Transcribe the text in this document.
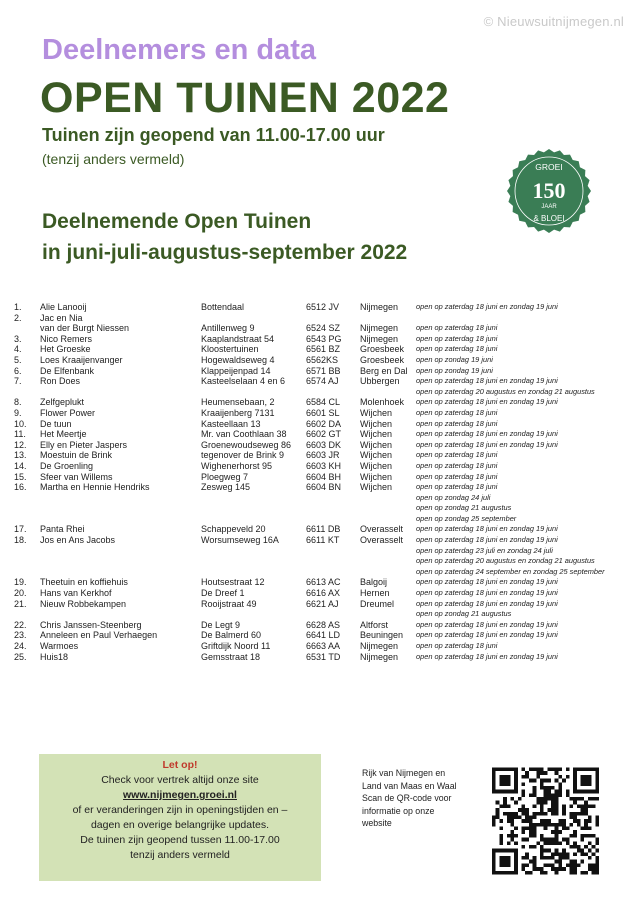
© Nieuwsuitnijmegen.nl
Deelnemers en data
OPEN TUINEN 2022
Tuinen zijn geopend van 11.00-17.00 uur
(tenzij anders vermeld)
Deelnemende Open Tuinen
in juni-juli-augustus-september 2022
GROEI
150
JAAR
& BLOEI
1. Alie Lanooij	Bottendaal	6512 JV Nijmegen open op zaterdag 18 juni en zondag 19 juni
2. Jac en Nia
van der Burgt Niessen	Antillenweg 9	6524 SZ Nijmegen open op zaterdag 18 juni
3. Nico Remers	Kaaplandstraat 54	6543 PG Nijmegen open op zaterdag 18 juni
4. Het Groeske	Kloostertuinen	6561 BZ Groesbeek open op zaterdag 18 juni
5. Loes Kraaijenvanger	Hogewaldseweg 4	6562KS Groesbeek open op zondag 19 juni
6. De Elfenbank	Klappeijenpad 14	6571 BB Berg en Dal open op zondag 19 juni
7. Ron Does	Kasteelselaan 4 en 6 6574 AJ Ubbergen open op zaterdag 18 juni en zondag 19 juni
open op zaterdag 20 augustus en zondag 21 augustus
8. Zelfgeplukt	Heumensebaan, 2	6584 CL Molenhoek open op zaterdag 18 juni en zondag 19 juni
9. Flower Power	Kraaijenberg 7131	6601 SL Wijchen	open op zaterdag 18 juni
10. De tuun	Kasteellaan 13	6602 DA Wijchen	open op zaterdag 18 juni
11. Het Meertje	Mr. van Coothlaan 38 6602 GT Wijchen	open op zaterdag 18 juni en zondag 19 juni
12. Elly en Pieter Jaspers	Groenewoudseweg 86 6603 DK Wijchen	open op zaterdag 18 juni en zondag 19 juni
13. Moestuin de Brink	tegenover de Brink 9 6603 JR Wijchen	open op zaterdag 18 juni
14. De Groenling	Wighenerhorst 95	6603 KH Wijchen	open op zaterdag 18 juni
15. Sfeer van Willems	Ploegweg 7	6604 BH Wijchen	open op zaterdag 18 juni
16. Martha en Hennie Hendriks	Zesweg 145	6604 BN Wijchen	open op zaterdag 18 juni
open op zondag 24 juli
open op zondag 21 augustus
open op zondag 25 september
17. Panta Rhei	Schappeveld 20	6611 DB Overasselt open op zaterdag 18 juni en zondag 19 juni
18. Jos en Ans Jacobs	Worsumseweg 16A	6611 KT Overasselt open op zaterdag 18 juni en zondag 19 juni
open op zaterdag 23 juli en zondag 24 juli
open op zaterdag 20 augustus en zondag 21 augustus
open op zaterdag 24 september en zondag 25 september
19. Theetuin en koffiehuis	Houtsestraat 12	6613 AC Balgoij	open op zaterdag 18 juni en zondag 19 juni
20. Hans van Kerkhof	De Dreef 1	6616 AX Hernen	open op zaterdag 18 juni en zondag 19 juni
21. Nieuw Robbekampen	Rooijstraat 49	6621 AJ Dreumel	open op zaterdag 18 juni en zondag 19 juni
open op zondag 21 augustus
22. Chris Janssen-Steenberg	De Legt 9	6628 AS Altforst	open op zaterdag 18 juni en zondag 19 juni
23. Anneleen en Paul Verhaegen	De Balmerd 60	6641 LD Beuningen open op zaterdag 18 juni en zondag 19 juni
24. Warmoes	Griftdijk Noord 11	6663 AA Nijmegen open op zaterdag 18 juni
25. Huis18	Gemsstraat 18	6531 TD Nijmegen open op zaterdag 18 juni en zondag 19 juni
Let op!
Check voor vertrek altijd onze site
www.nijmegen.groei.nl
of er veranderingen zijn in openingstijden en –
dagen en overige belangrijke updates.
De tuinen zijn geopend tussen 11.00-17.00
tenzij anders vermeld
Rijk van Nijmegen en
Land van Maas en Waal
Scan de QR-code voor
informatie op onze
website
